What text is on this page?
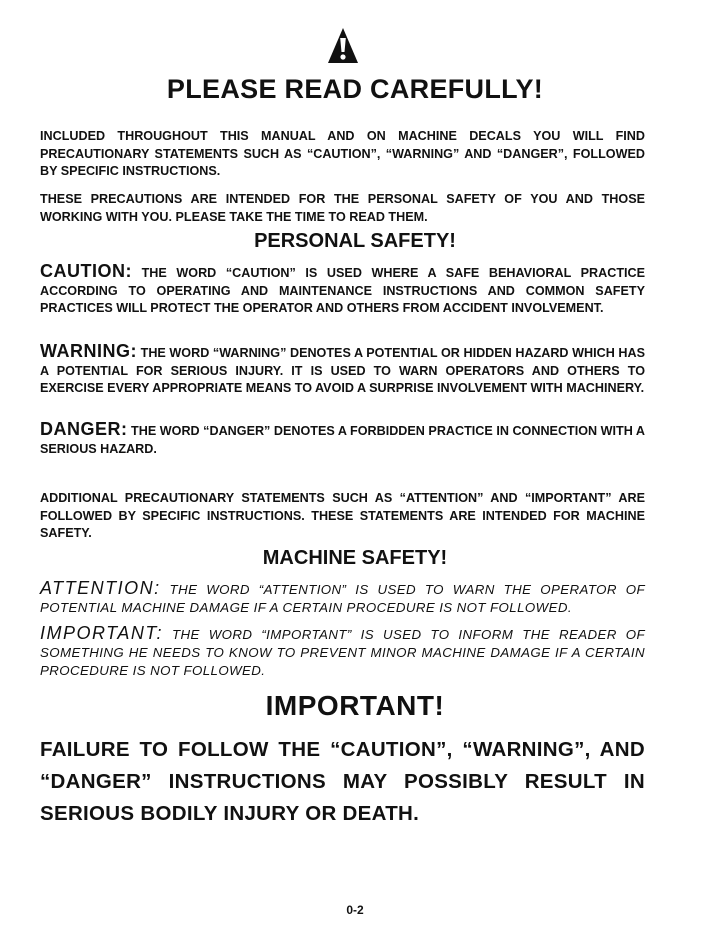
PLEASE READ CAREFULLY!
INCLUDED THROUGHOUT THIS MANUAL AND ON MACHINE DECALS YOU WILL FIND PRECAUTIONARY STATEMENTS SUCH AS “CAUTION”, “WARNING” AND “DANGER”, FOLLOWED BY SPECIFIC INSTRUCTIONS.
THESE PRECAUTIONS ARE INTENDED FOR THE PERSONAL SAFETY OF YOU AND THOSE WORKING WITH YOU. PLEASE TAKE THE TIME TO READ THEM.
PERSONAL SAFETY!
CAUTION: THE WORD “CAUTION” IS USED WHERE A SAFE BEHAVIORAL PRACTICE ACCORDING TO OPERATING AND MAINTENANCE INSTRUCTIONS AND COMMON SAFETY PRACTICES WILL PROTECT THE OPERATOR AND OTHERS FROM ACCIDENT INVOLVEMENT.
WARNING: THE WORD “WARNING” DENOTES A POTENTIAL OR HIDDEN HAZARD WHICH HAS A POTENTIAL FOR SERIOUS INJURY. IT IS USED TO WARN OPERATORS AND OTHERS TO EXERCISE EVERY APPROPRIATE MEANS TO AVOID A SURPRISE INVOLVEMENT WITH MACHINERY.
DANGER: THE WORD “DANGER” DENOTES A FORBIDDEN PRACTICE IN CONNECTION WITH A SERIOUS HAZARD.
ADDITIONAL PRECAUTIONARY STATEMENTS SUCH AS “ATTENTION” AND “IMPORTANT” ARE FOLLOWED BY SPECIFIC INSTRUCTIONS. THESE STATEMENTS ARE INTENDED FOR MACHINE SAFETY.
MACHINE SAFETY!
ATTENTION: THE WORD “ATTENTION” IS USED TO WARN THE OPERATOR OF POTENTIAL MACHINE DAMAGE IF A CERTAIN PROCEDURE IS NOT FOLLOWED.
IMPORTANT: THE WORD “IMPORTANT” IS USED TO INFORM THE READER OF SOMETHING HE NEEDS TO KNOW TO PREVENT MINOR MACHINE DAMAGE IF A CERTAIN PROCEDURE IS NOT FOLLOWED.
IMPORTANT!
FAILURE TO FOLLOW THE “CAUTION”, “WARNING”, AND “DANGER” INSTRUCTIONS MAY POSSIBLY RESULT IN SERIOUS BODILY INJURY OR DEATH.
0-2
